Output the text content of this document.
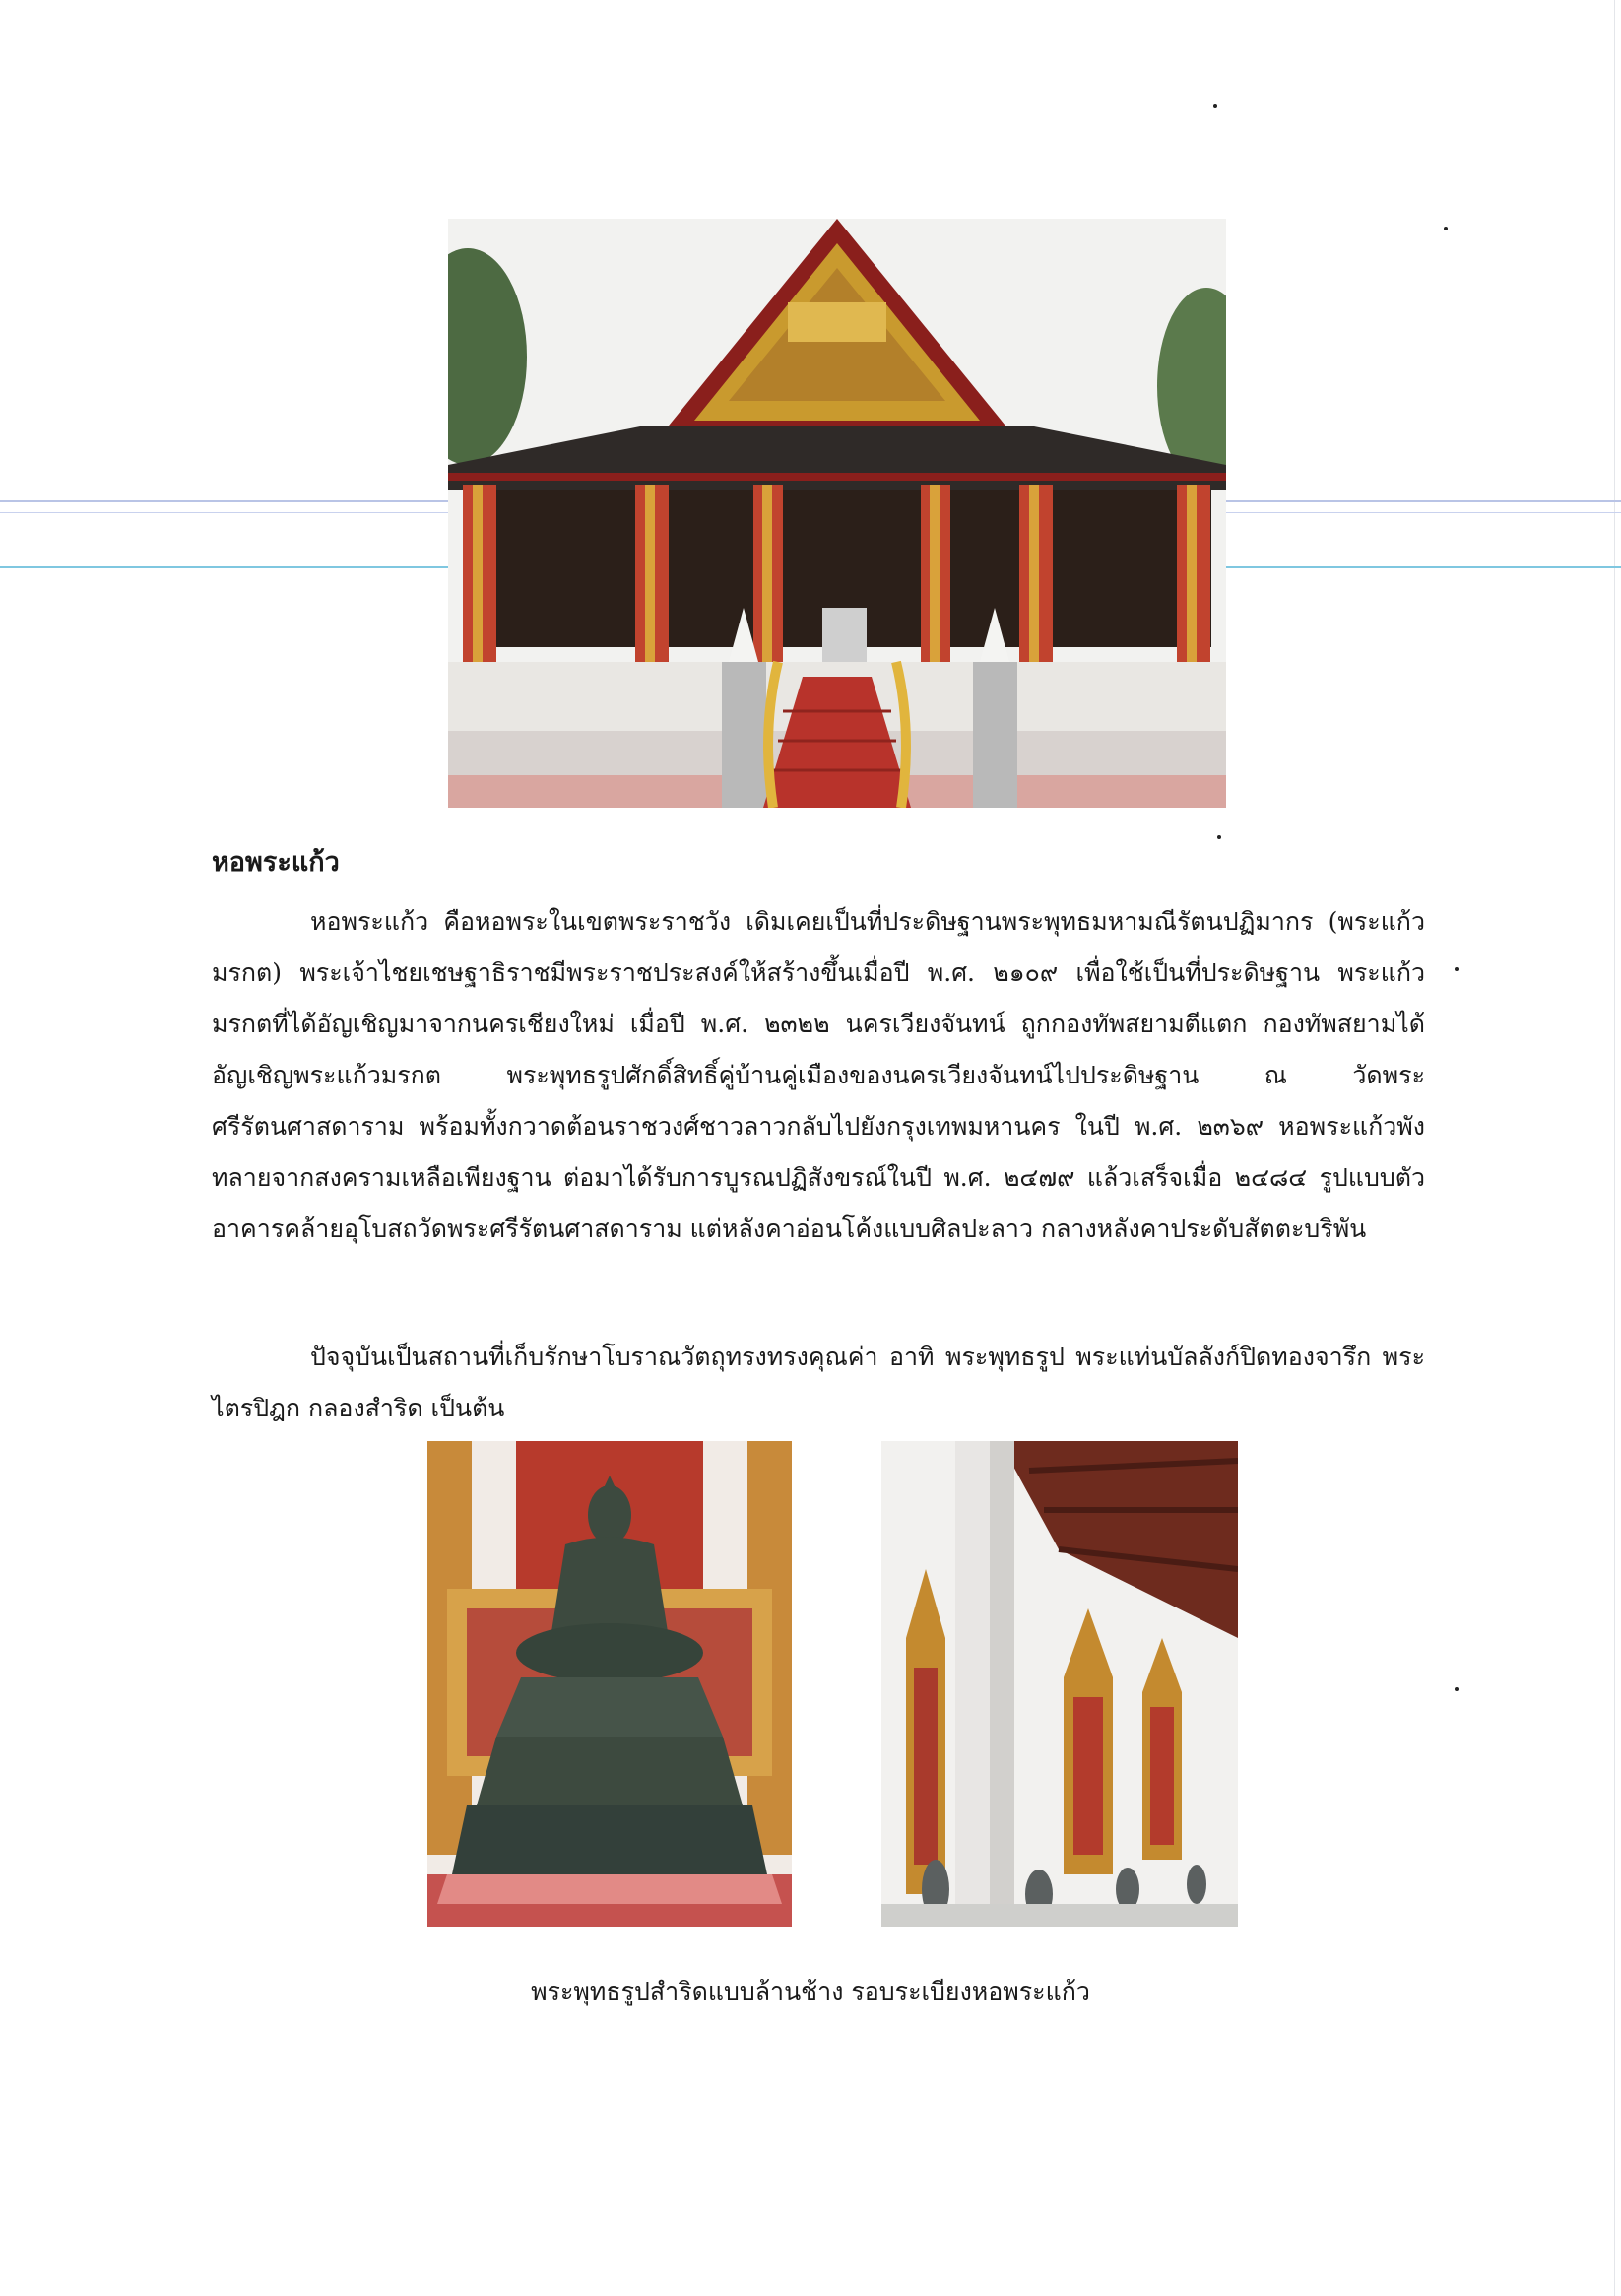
หอพระแก้ว

หอพระแก้ว คือหอพระในเขตพระราชวัง เดิมเคยเป็นที่ประดิษฐานพระพุทธมหามณีรัตนปฏิมากร (พระแก้วมรกต) พระเจ้าไชยเชษฐาธิราชมีพระราชประสงค์ให้สร้างขึ้นเมื่อปี พ.ศ. ๒๑๐๙ เพื่อใช้เป็นที่ประดิษฐาน พระแก้วมรกตที่ได้อัญเชิญมาจากนครเชียงใหม่ เมื่อปี พ.ศ. ๒๓๒๒ นครเวียงจันทน์ ถูกกองทัพสยามตีแตก กองทัพสยามได้อัญเชิญพระแก้วมรกต พระพุทธรูปศักดิ์สิทธิ์คู่บ้านคู่เมืองของนครเวียงจันทน์ไปประดิษฐาน ณ วัดพระศรีรัตนศาสดาราม พร้อมทั้งกวาดต้อนราชวงศ์ชาวลาวกลับไปยังกรุงเทพมหานคร ในปี พ.ศ. ๒๓๖๙ หอพระแก้วพังทลายจากสงครามเหลือเพียงฐาน ต่อมาได้รับการบูรณปฏิสังขรณ์ในปี พ.ศ. ๒๔๗๙ แล้วเสร็จเมื่อ ๒๔๘๔ รูปแบบตัวอาคารคล้ายอุโบสถวัดพระศรีรัตนศาสดาราม แต่หลังคาอ่อนโค้งแบบศิลปะลาว กลางหลังคาประดับสัตตะบริพัน

ปัจจุบันเป็นสถานที่เก็บรักษาโบราณวัตถุทรงทรงคุณค่า อาทิ พระพุทธรูป พระแท่นบัลลังก์ปิดทองจารึก พระไตรปิฎก กลองสำริด เป็นต้น

พระพุทธรูปสำริดแบบล้านช้าง รอบระเบียงหอพระแก้ว
